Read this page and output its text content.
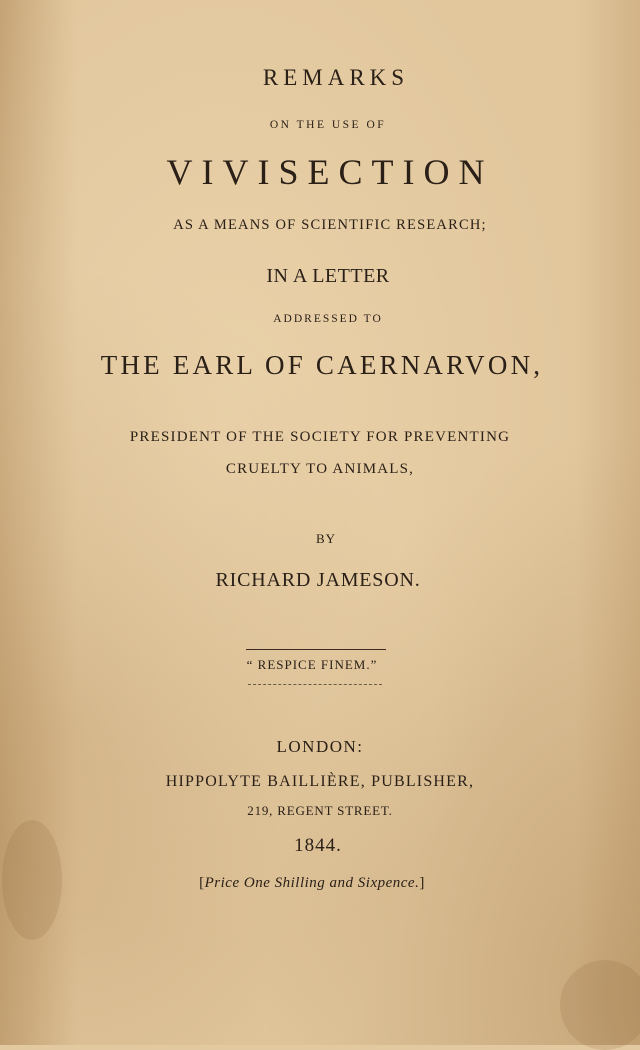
REMARKS
ON THE USE OF
VIVISECTION
AS A MEANS OF SCIENTIFIC RESEARCH;
IN A LETTER
ADDRESSED TO
THE EARL OF CAERNARVON,
PRESIDENT OF THE SOCIETY FOR PREVENTING
CRUELTY TO ANIMALS,
BY
RICHARD JAMESON.
“ RESPICE FINEM.”
LONDON:
HIPPOLYTE BAILLIÈRE, PUBLISHER,
219, REGENT STREET.
1844.
[ Price One Shilling and Sixpence. ]
